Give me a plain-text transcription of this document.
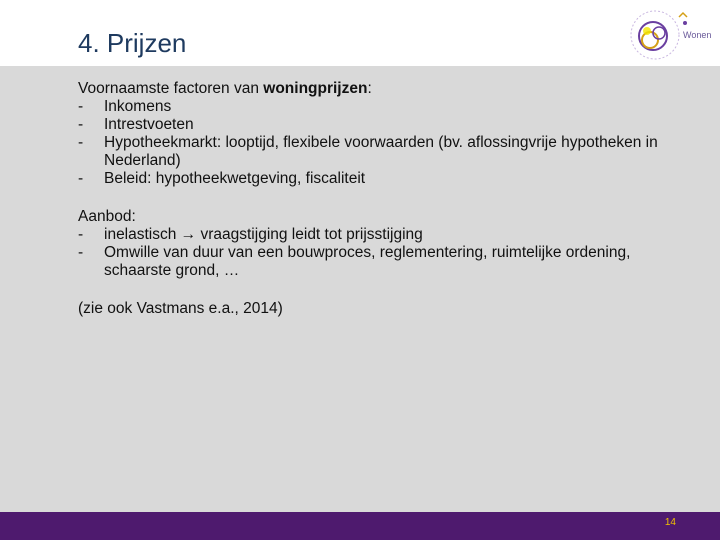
4. Prijzen	Wonen

Voornaamste factoren van woningprijzen:

-	Inkomens
-	Intrestvoeten
-	Hypotheekmarkt: looptijd, flexibele voorwaarden (bv. aflossingvrije hypotheken in Nederland)
-	Beleid: hypotheekwetgeving, fiscaliteit

Aanbod:

-	inelastisch → vraagstijging leidt tot prijsstijging
-	Omwille van duur van een bouwproces, reglementering, ruimtelijke ordening, schaarste grond, …

(zie ook Vastmans e.a., 2014)

14
